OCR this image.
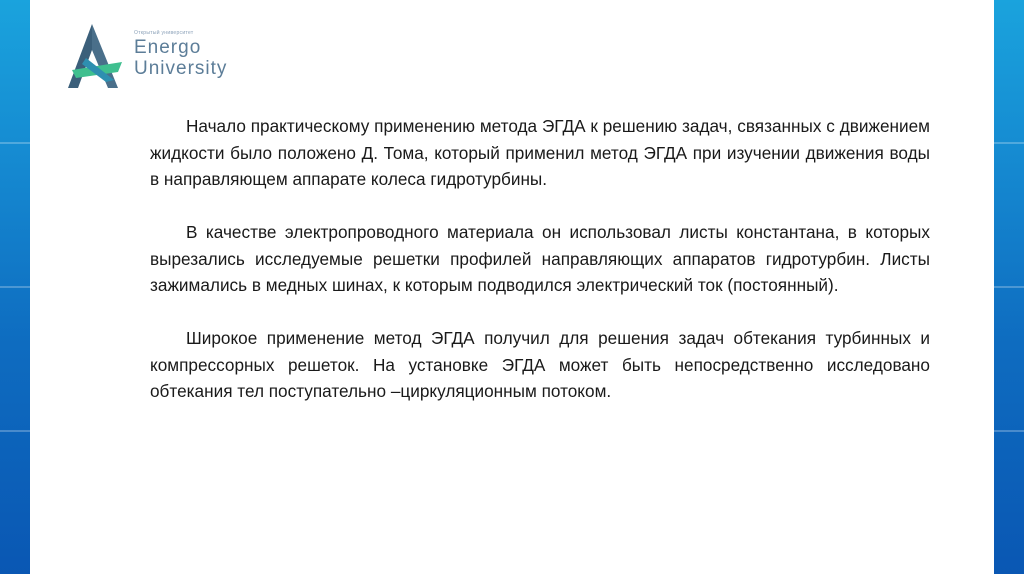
Открытый университет
Energo
University

Начало практическому применению метода ЭГДА к решению задач, связанных с движением жидкости было положено Д. Тома, который применил метод ЭГДА при изучении движения воды в направляющем аппарате колеса гидротурбины.

В качестве электропроводного материала он использовал листы константана, в которых вырезались исследуемые решетки профилей направляющих аппаратов гидротурбин. Листы зажимались в медных шинах, к которым подводился электрический ток (постоянный).

Широкое применение метод ЭГДА получил для решения задач обтекания турбинных и компрессорных решеток. На установке ЭГДА может быть непосредственно исследовано обтекания тел поступательно –циркуляционным потоком.
